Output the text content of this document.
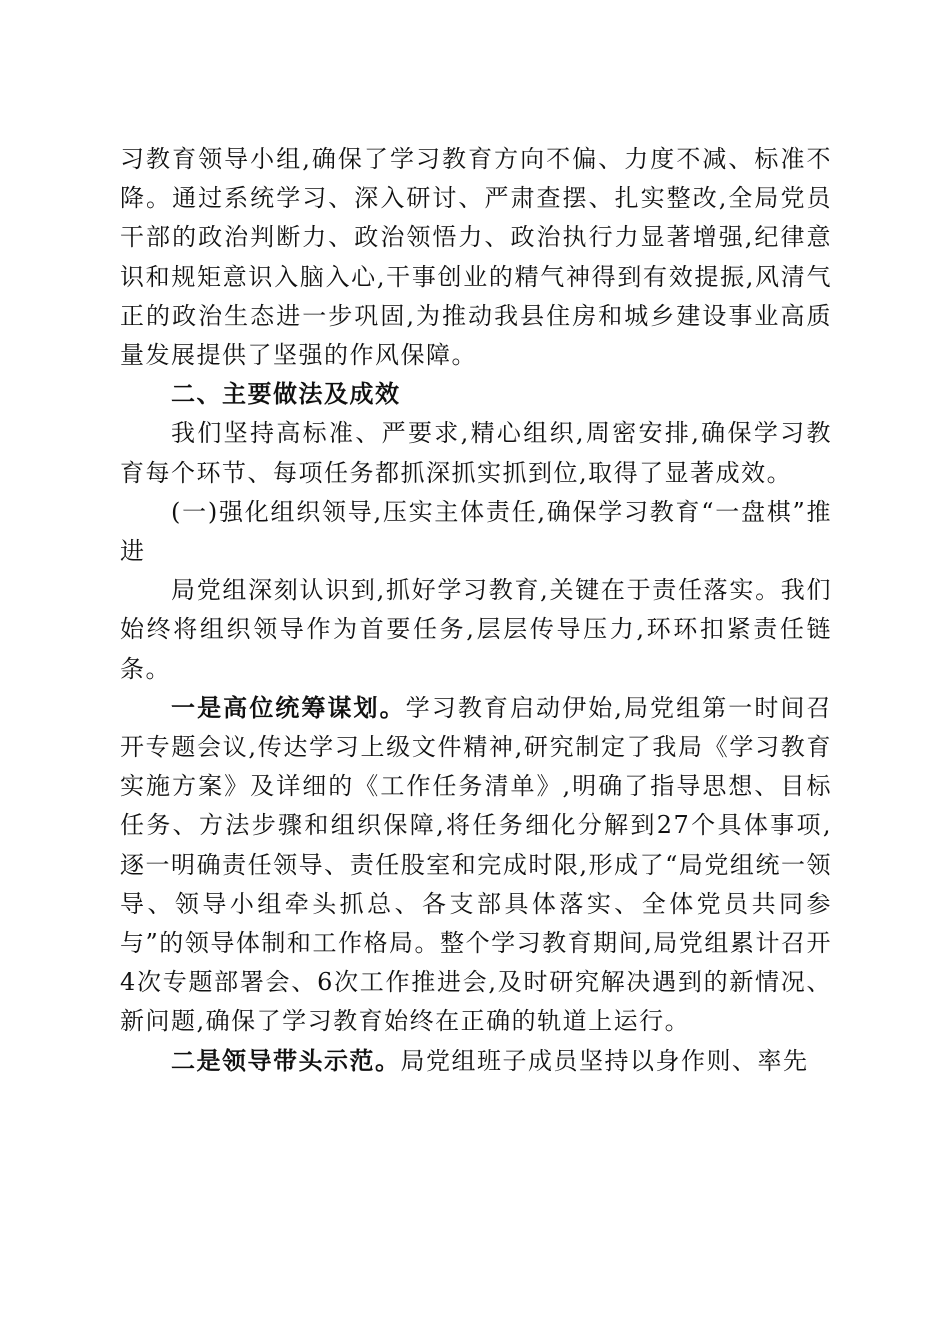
习教育领导小组,确保了学习教育方向不偏、力度不减、标准不降。通过系统学习、深入研讨、严肃查摆、扎实整改,全局党员干部的政治判断力、政治领悟力、政治执行力显著增强,纪律意识和规矩意识入脑入心,干事创业的精气神得到有效提振,风清气正的政治生态进一步巩固,为推动我县住房和城乡建设事业高质量发展提供了坚强的作风保障。

二、主要做法及成效

我们坚持高标准、严要求,精心组织,周密安排,确保学习教育每个环节、每项任务都抓深抓实抓到位,取得了显著成效。

(一)强化组织领导,压实主体责任,确保学习教育“一盘棋”推进

局党组深刻认识到,抓好学习教育,关键在于责任落实。我们始终将组织领导作为首要任务,层层传导压力,环环扣紧责任链条。

一是高位统筹谋划。学习教育启动伊始,局党组第一时间召开专题会议,传达学习上级文件精神,研究制定了我局《学习教育实施方案》及详细的《工作任务清单》,明确了指导思想、目标任务、方法步骤和组织保障,将任务细化分解到27个具体事项,逐一明确责任领导、责任股室和完成时限,形成了“局党组统一领导、领导小组牵头抓总、各支部具体落实、全体党员共同参与”的领导体制和工作格局。整个学习教育期间,局党组累计召开4次专题部署会、6次工作推进会,及时研究解决遇到的新情况、新问题,确保了学习教育始终在正确的轨道上运行。

二是领导带头示范。局党组班子成员坚持以身作则、率先
